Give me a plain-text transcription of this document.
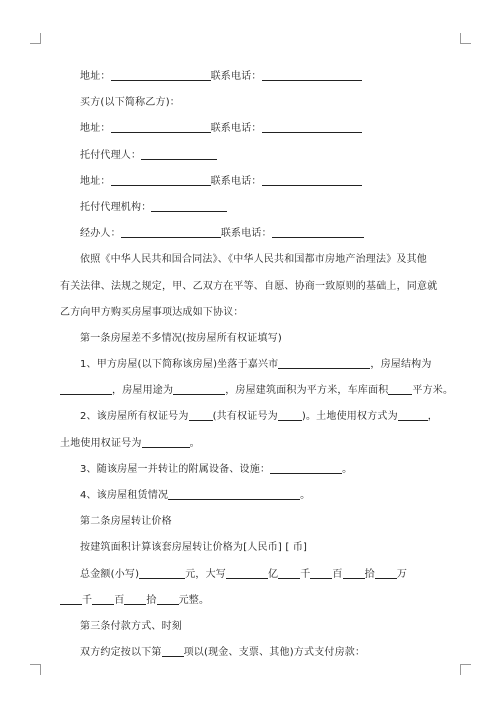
地址：	联系电话：
买方(以下简称乙方)：
地址：	联系电话：
托付代理人：
地址：	联系电话：
托付代理机构：
经办人：	联系电话：
依照《中华人民共和国合同法》、《中华人民共和国都市房地产治理法》及其他
有关法律、法规之规定，甲、乙双方在平等、自愿、协商一致原则的基础上，同意就
乙方向甲方购买房屋事项达成如下协议：
第一条房屋差不多情况(按房屋所有权证填写)
1、甲方房屋(以下简称该房屋)坐落于嘉兴市	，房屋结构为
，房屋用途为	，房屋建筑面积为平方米，车库面积 平方米。
2、该房屋所有权证号为 (共有权证号为 )。土地使用权方式为	，
土地使用权证号为	。
3、随该房屋一并转让的附属设备、设施：	。
4、该房屋租赁情况	。
第二条房屋转让价格
按建筑面积计算该套房屋转让价格为[人民币] [ 币]
总金额(小写)	元，大写	亿 千 百 拾 万
千 百 拾 元整。
第三条付款方式、时刻
双方约定按以下第 项以(现金、支票、其他)方式支付房款：
